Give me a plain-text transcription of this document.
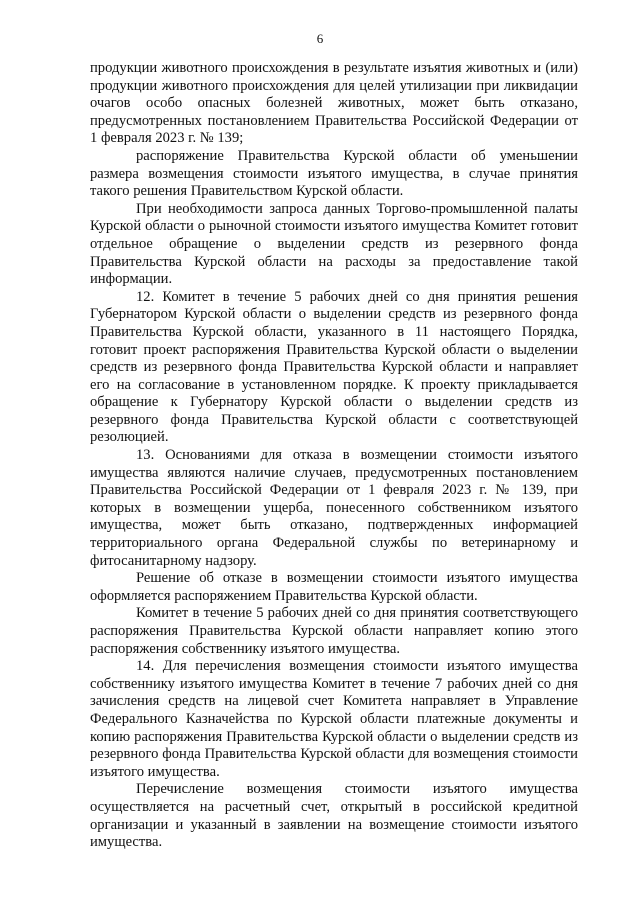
6

продукции животного происхождения в результате изъятия животных и (или) продукции животного происхождения для целей утилизации при ликвидации очагов особо опасных болезней животных, может быть отказано, предусмотренных постановлением Правительства Российской Федерации от 1 февраля 2023 г. № 139;

распоряжение Правительства Курской области об уменьшении размера возмещения стоимости изъятого имущества, в случае принятия такого решения Правительством Курской области.

При необходимости запроса данных Торгово-промышленной палаты Курской области о рыночной стоимости изъятого имущества Комитет готовит отдельное обращение о выделении средств из резервного фонда Правительства Курской области на расходы за предоставление такой информации.

12. Комитет в течение 5 рабочих дней со дня принятия решения Губернатором Курской области о выделении средств из резервного фонда Правительства Курской области, указанного в 11 настоящего Порядка, готовит проект распоряжения Правительства Курской области о выделении средств из резервного фонда Правительства Курской области и направляет его на согласование в установленном порядке. К проекту прикладывается обращение к Губернатору Курской области о выделении средств из резервного фонда Правительства Курской области с соответствующей резолюцией.

13. Основаниями для отказа в возмещении стоимости изъятого имущества являются наличие случаев, предусмотренных постановлением Правительства Российской Федерации от 1 февраля 2023 г. № 139, при которых в возмещении ущерба, понесенного собственником изъятого имущества, может быть отказано, подтвержденных информацией территориального органа Федеральной службы по ветеринарному и фитосанитарному надзору.

Решение об отказе в возмещении стоимости изъятого имущества оформляется распоряжением Правительства Курской области.

Комитет в течение 5 рабочих дней со дня принятия соответствующего распоряжения Правительства Курской области направляет копию этого распоряжения собственнику изъятого имущества.

14. Для перечисления возмещения стоимости изъятого имущества собственнику изъятого имущества Комитет в течение 7 рабочих дней со дня зачисления средств на лицевой счет Комитета направляет в Управление Федерального Казначейства по Курской области платежные документы и копию распоряжения Правительства Курской области о выделении средств из резервного фонда Правительства Курской области для возмещения стоимости изъятого имущества.

Перечисление возмещения стоимости изъятого имущества осуществляется на расчетный счет, открытый в российской кредитной организации и указанный в заявлении на возмещение стоимости изъятого имущества.
